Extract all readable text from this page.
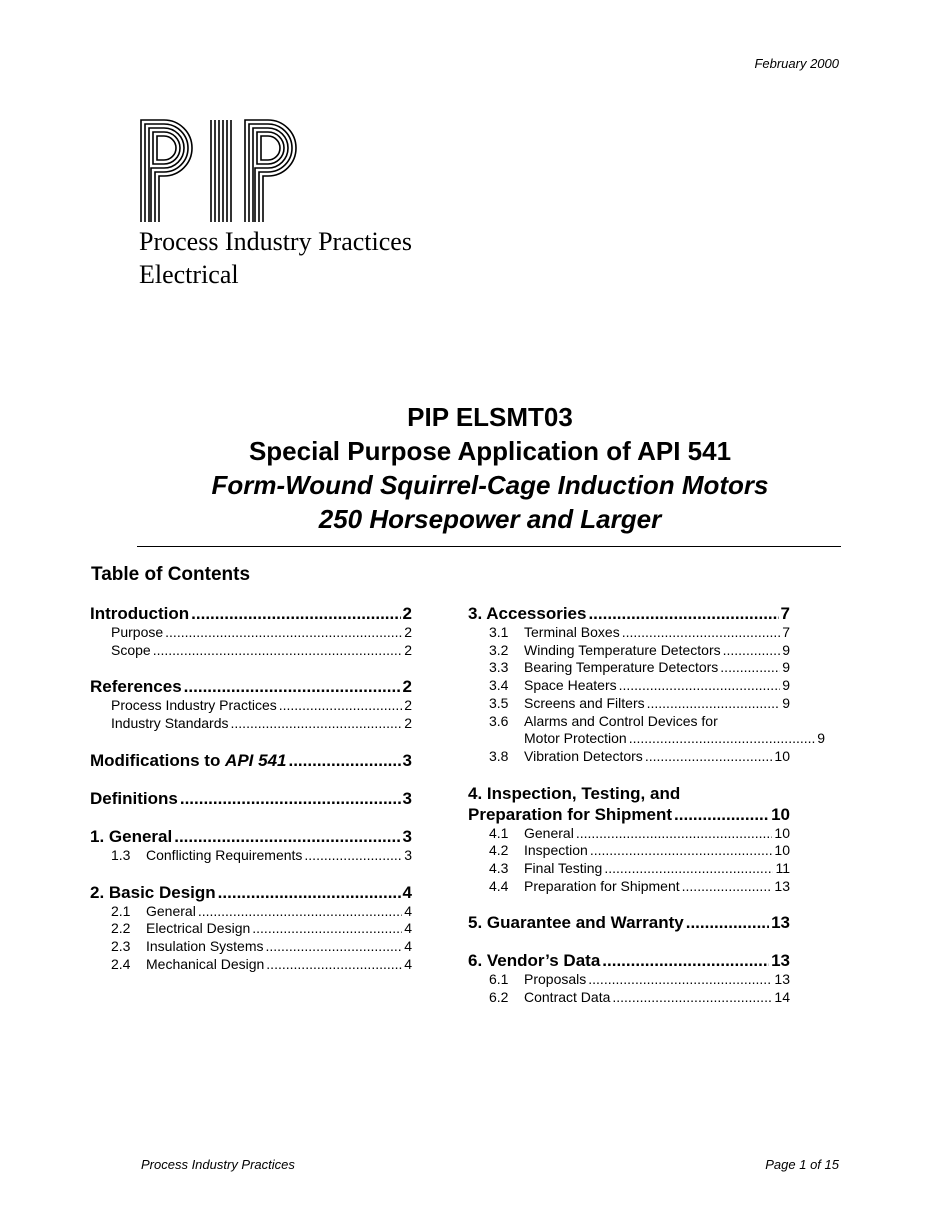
February 2000
Process Industry Practices
Electrical
PIP ELSMT03
Special Purpose Application of API 541
Form-Wound Squirrel-Cage Induction Motors
250 Horsepower and Larger
Table of Contents
Introduction .....	2
Purpose .....	2
Scope .....	2
References .....	2
Process Industry Practices .....	2
Industry Standards .....	2
Modifications to API 541 .....	3
Definitions .....	3
1. General .....	3
1.3	Conflicting Requirements .....	3
2. Basic Design .....	4
2.1	General .....	4
2.2	Electrical Design .....	4
2.3	Insulation Systems .....	4
2.4	Mechanical Design .....	4
3. Accessories .....	7
3.1	Terminal Boxes .....	7
3.2	Winding Temperature Detectors .....	9
3.3	Bearing Temperature Detectors .....	9
3.4	Space Heaters .....	9
3.5	Screens and Filters .....	9
3.6	Alarms and Control Devices for
Motor Protection .....	9
3.8	Vibration Detectors .....	10
4. Inspection, Testing, and
Preparation for Shipment .....	10
4.1	General .....	10
4.2	Inspection .....	10
4.3	Final Testing .....	11
4.4	Preparation for Shipment .....	13
5. Guarantee and Warranty .....	13
6. Vendor’s Data .....	13
6.1	Proposals .....	13
6.2	Contract Data .....	14
Process Industry Practices	Page 1 of 15
